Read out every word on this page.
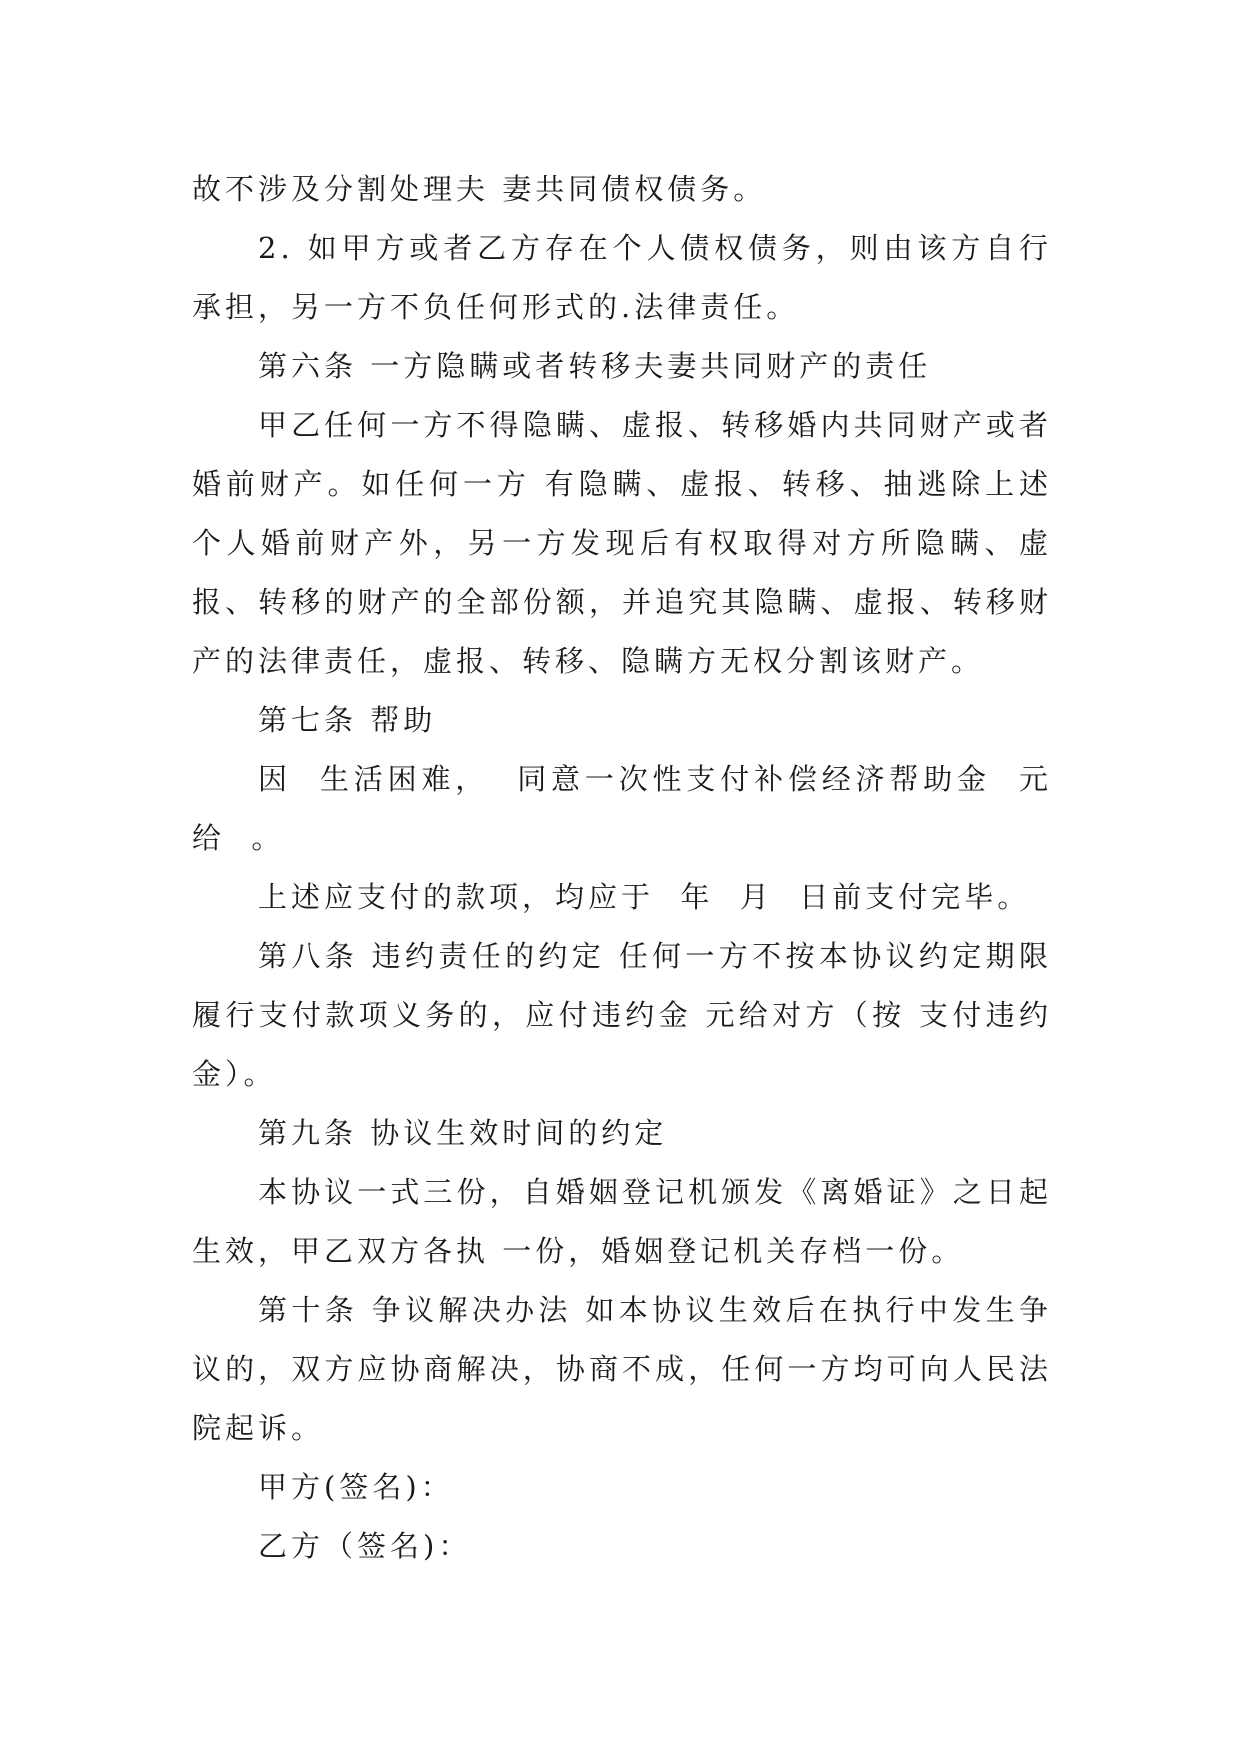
故不涉及分割处理夫 妻共同债权债务。

2. 如甲方或者乙方存在个人债权债务，则由该方自行承担，另一方不负任何形式的.法律责任。

第六条 一方隐瞒或者转移夫妻共同财产的责任

甲乙任何一方不得隐瞒、虚报、转移婚内共同财产或者婚前财产。如任何一方 有隐瞒、虚报、转移、抽逃除上述个人婚前财产外，另一方发现后有权取得对方所隐瞒、虚报、转移的财产的全部份额，并追究其隐瞒、虚报、转移财产的法律责任，虚报、转移、隐瞒方无权分割该财产。

第七条 帮助

因  生活困难，  同意一次性支付补偿经济帮助金  元给  。

上述应支付的款项，均应于  年  月  日前支付完毕。

第八条 违约责任的约定 任何一方不按本协议约定期限履行支付款项义务的，应付违约金 元给对方（按 支付违约金）。

第九条 协议生效时间的约定

本协议一式三份，自婚姻登记机颁发《离婚证》之日起生效，甲乙双方各执 一份，婚姻登记机关存档一份。

第十条 争议解决办法 如本协议生效后在执行中发生争议的，双方应协商解决，协商不成，任何一方均可向人民法院起诉。

甲方(签名)：

乙方（签名)：
